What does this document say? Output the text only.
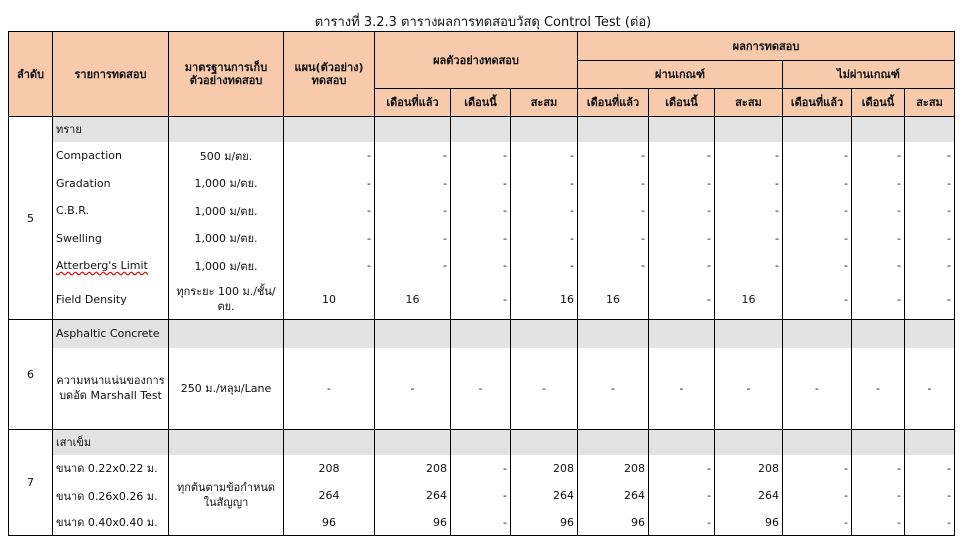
ตารางที่ 3.2.3 ตารางผลการทดสอบวัสดุ Control Test (ต่อ)
ลำดับ	รายการทดสอบ	มาตรฐานการเก็บตัวอย่างทดสอบ	แผน(ตัวอย่าง) ทดสอบ	ผลตัวอย่างทดสอบ			ผลการทดสอบ					
							ผ่านเกณฑ์			ไม่ผ่านเกณฑ์		
				เดือนที่แล้ว	เดือนนี้	สะสม	เดือนที่แล้ว	เดือนนี้	สะสม	เดือนที่แล้ว	เดือนนี้	สะสม
5	ทราย											
	Compaction	500 ม/ตย.	-	-	-	-	-	-	-	-	-	-
	Gradation	1,000 ม/ตย.	-	-	-	-	-	-	-	-	-	-
	C.B.R.	1,000 ม/ตย.	-	-	-	-	-	-	-	-	-	-
	Swelling	1,000 ม/ตย.	-	-	-	-	-	-	-	-	-	-
	Atterberg's Limit	1,000 ม/ตย.	-	-	-	-	-	-	-	-	-	-
	Field Density	ทุกระยะ 100 ม./ชั้น/ตย.	10	16	-	16	16	-	16	-	-	-
6	Asphaltic Concrete											
	ความหนาแน่นของการบดอัด Marshall Test	250 ม./หลุม/Lane	-	-	-	-	-	-	-	-	-	-
7	เสาเข็ม											
	ขนาด 0.22x0.22 ม.	ทุกต้นตามข้อกำหนดในสัญญา	208	208	-	208	208	-	208	-	-	-
	ขนาด 0.26x0.26 ม.		264	264	-	264	264	-	264	-	-	-
	ขนาด 0.40x0.40 ม.		96	96	-	96	96	-	96	-	-	-
